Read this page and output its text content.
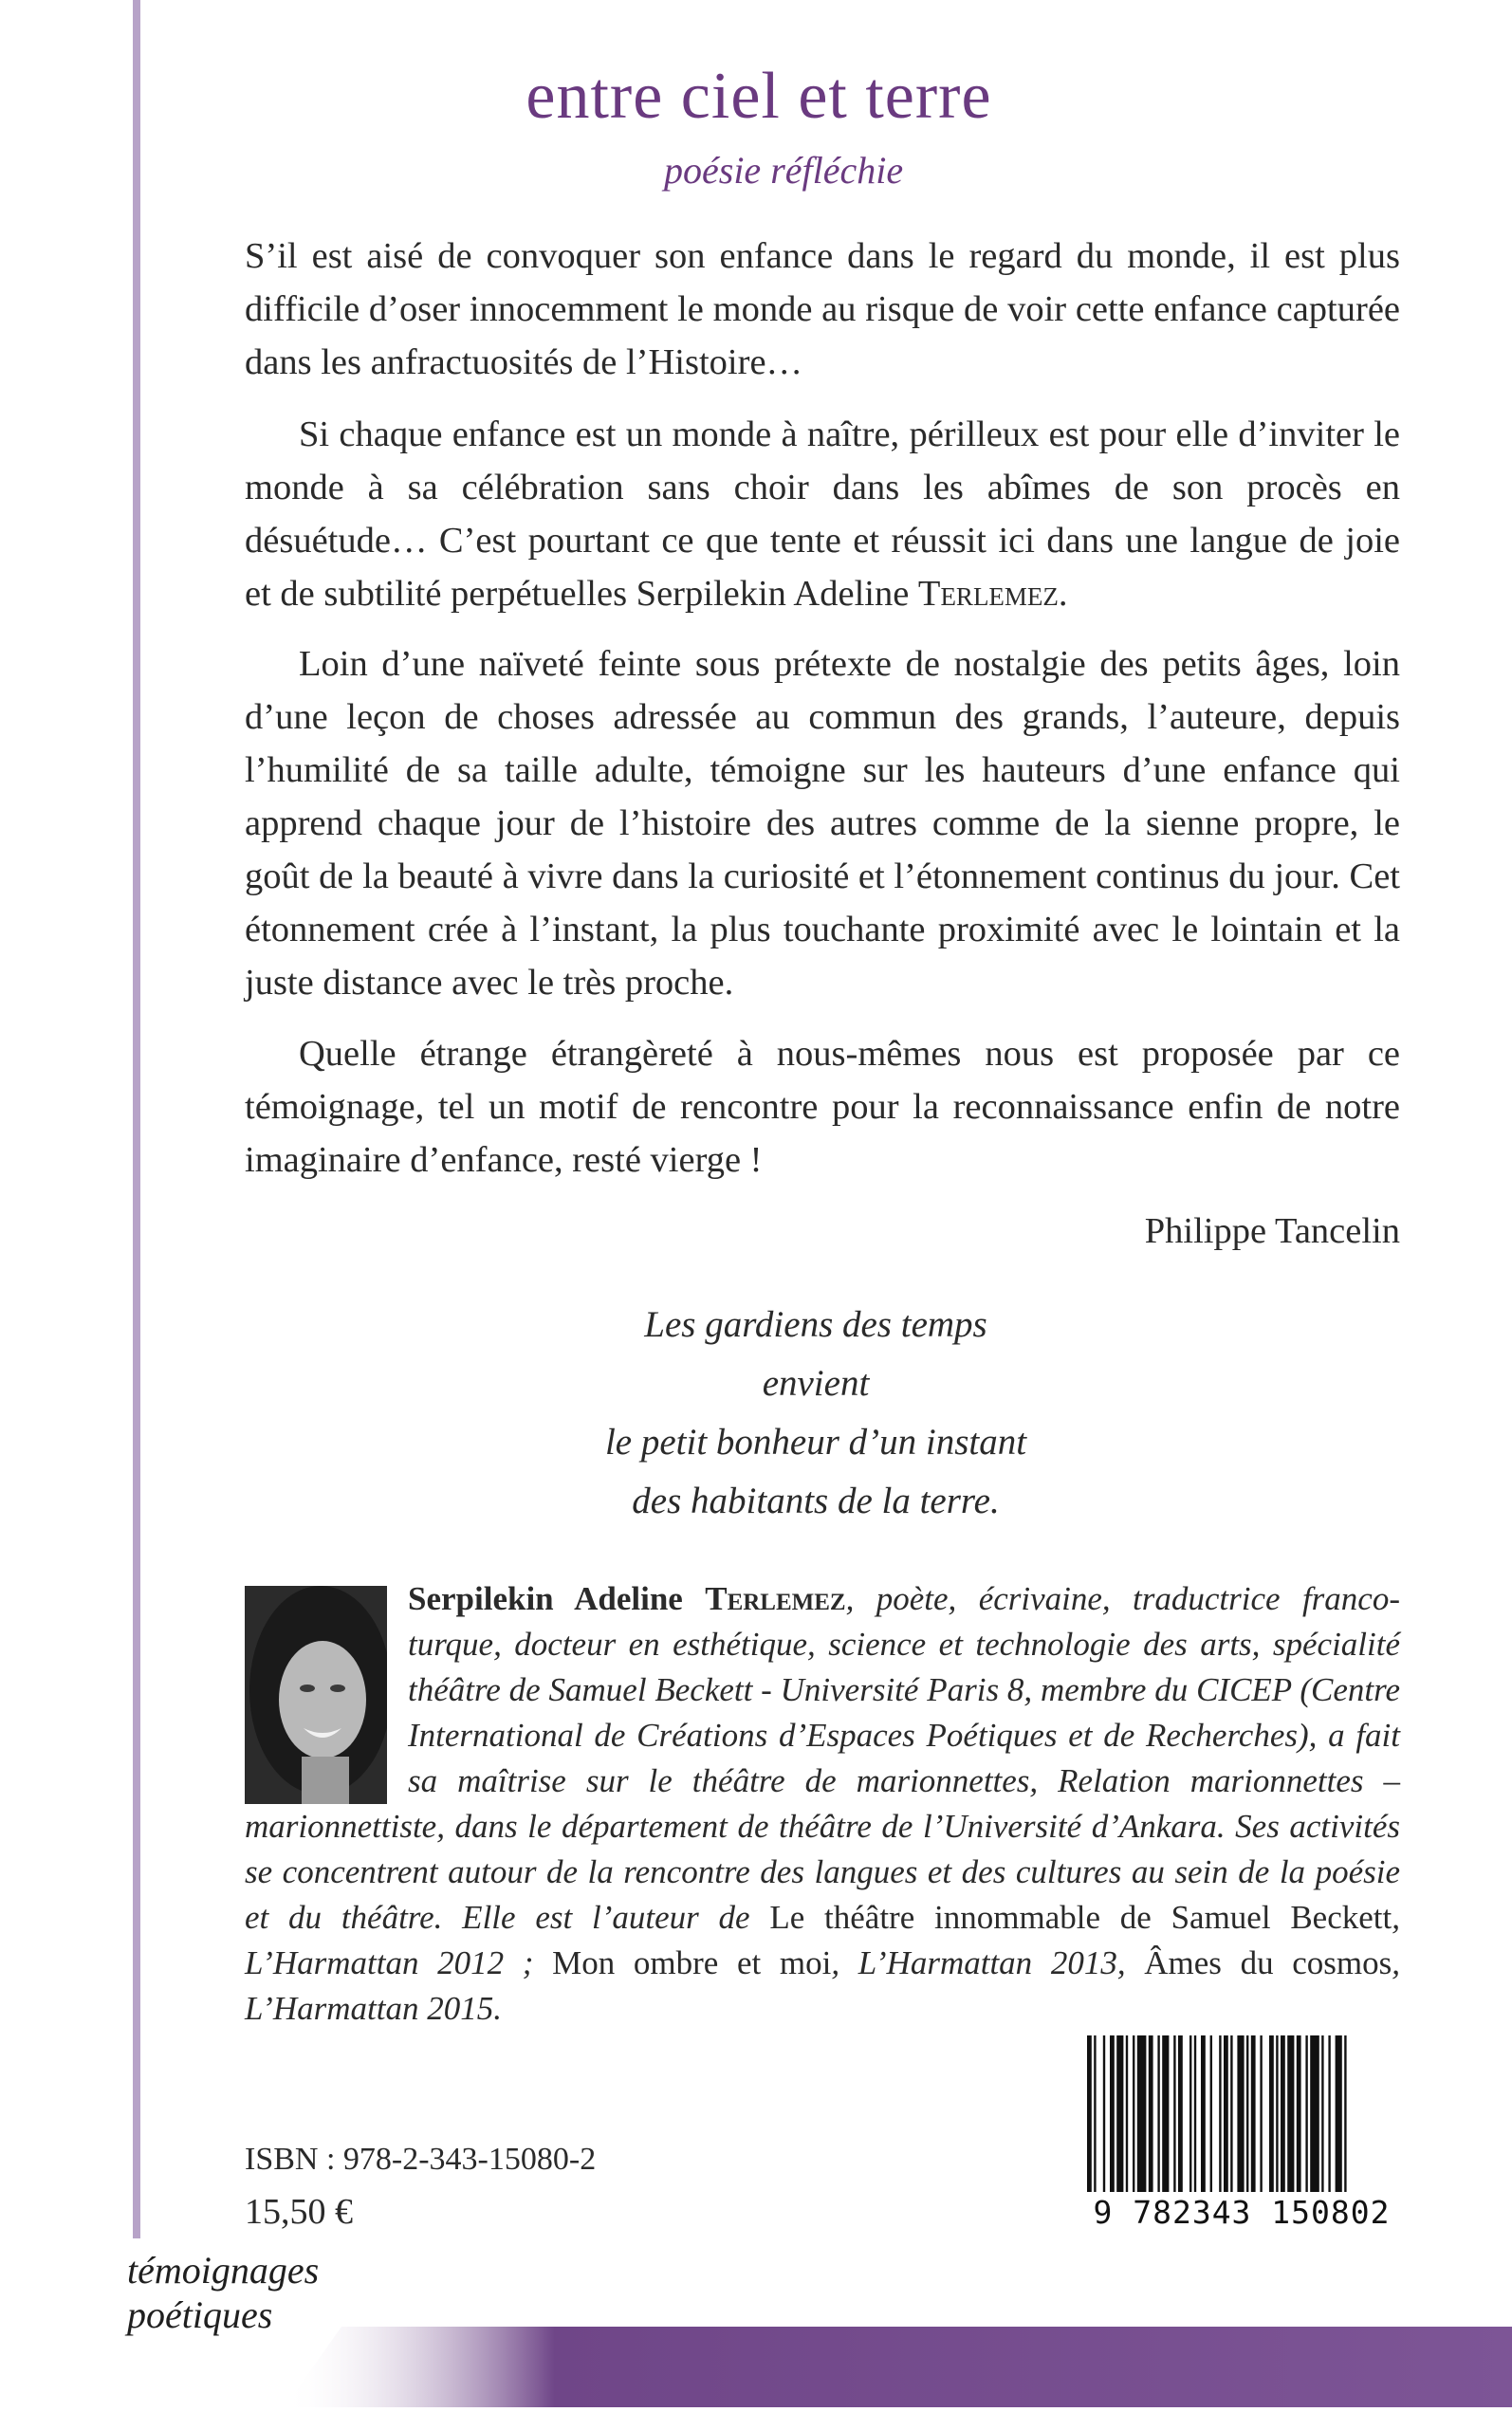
entre ciel et terre
poésie réfléchie
S’il est aisé de convoquer son enfance dans le regard du monde, il est plus difficile d’oser innocemment le monde au risque de voir cette enfance capturée dans les anfractuosités de l’Histoire…
Si chaque enfance est un monde à naître, périlleux est pour elle d’inviter le monde à sa célébration sans choir dans les abîmes de son procès en désuétude… C’est pourtant ce que tente et réussit ici dans une langue de joie et de subtilité perpétuelles Serpilekin Adeline Terlemez.
Loin d’une naïveté feinte sous prétexte de nostalgie des petits âges, loin d’une leçon de choses adressée au commun des grands, l’auteure, depuis l’humilité de sa taille adulte, témoigne sur les hauteurs d’une enfance qui apprend chaque jour de l’histoire des autres comme de la sienne propre, le goût de la beauté à vivre dans la curiosité et l’étonnement continus du jour. Cet étonnement crée à l’instant, la plus touchante proximité avec le lointain et la juste distance avec le très proche.
Quelle étrange étrangèreté à nous-mêmes nous est proposée par ce témoignage, tel un motif de rencontre pour la reconnaissance enfin de notre imaginaire d’enfance, resté vierge !
Philippe Tancelin
Les gardiens des temps
envient
le petit bonheur d’un instant
des habitants de la terre.
Serpilekin Adeline Terlemez, poète, écrivaine, traductrice franco-turque, docteur en esthétique, science et technologie des arts, spécialité théâtre de Samuel Beckett - Université Paris 8, membre du CICEP (Centre International de Créations d’Espaces Poétiques et de Recherches), a fait sa maîtrise sur le théâtre de marionnettes, Relation marionnettes – marionnettiste, dans le département de théâtre de l’Université d’Ankara. Ses activités se concentrent autour de la rencontre des langues et des cultures au sein de la poésie et du théâtre. Elle est l’auteur de Le théâtre innommable de Samuel Beckett, L’Harmattan 2012 ; Mon ombre et moi, L’Harmattan 2013, Âmes du cosmos, L’Harmattan 2015.
ISBN : 978-2-343-15080-2
15,50 €	9 782343 150802
témoignages
poétiques
